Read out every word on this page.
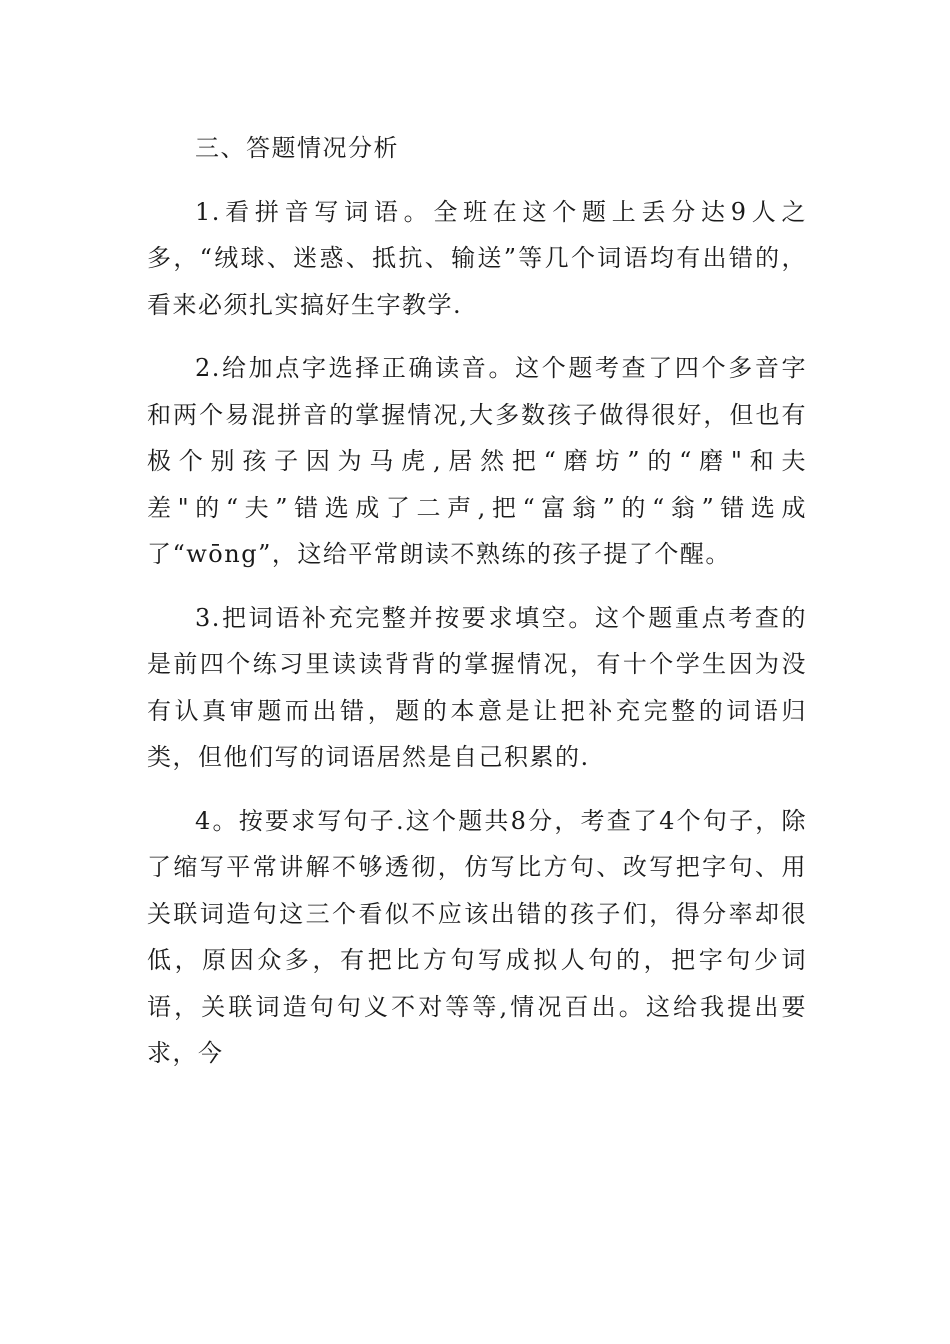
三、答题情况分析

1.看拼音写词语。全班在这个题上丢分达9人之多，“绒球、迷惑、抵抗、输送”等几个词语均有出错的，看来必须扎实搞好生字教学.

2.给加点字选择正确读音。这个题考查了四个多音字和两个易混拼音的掌握情况,大多数孩子做得很好，但也有极个别孩子因为马虎,居然把“磨坊”的“磨"和夫差"的“夫”错选成了二声,把“富翁”的“翁”错选成了“wōng”，这给平常朗读不熟练的孩子提了个醒。

3.把词语补充完整并按要求填空。这个题重点考查的是前四个练习里读读背背的掌握情况，有十个学生因为没有认真审题而出错，题的本意是让把补充完整的词语归类，但他们写的词语居然是自己积累的.

4。按要求写句子.这个题共8分，考查了4个句子，除了缩写平常讲解不够透彻，仿写比方句、改写把字句、用关联词造句这三个看似不应该出错的孩子们，得分率却很低，原因众多，有把比方句写成拟人句的，把字句少词语，关联词造句句义不对等等,情况百出。这给我提出要求，今
